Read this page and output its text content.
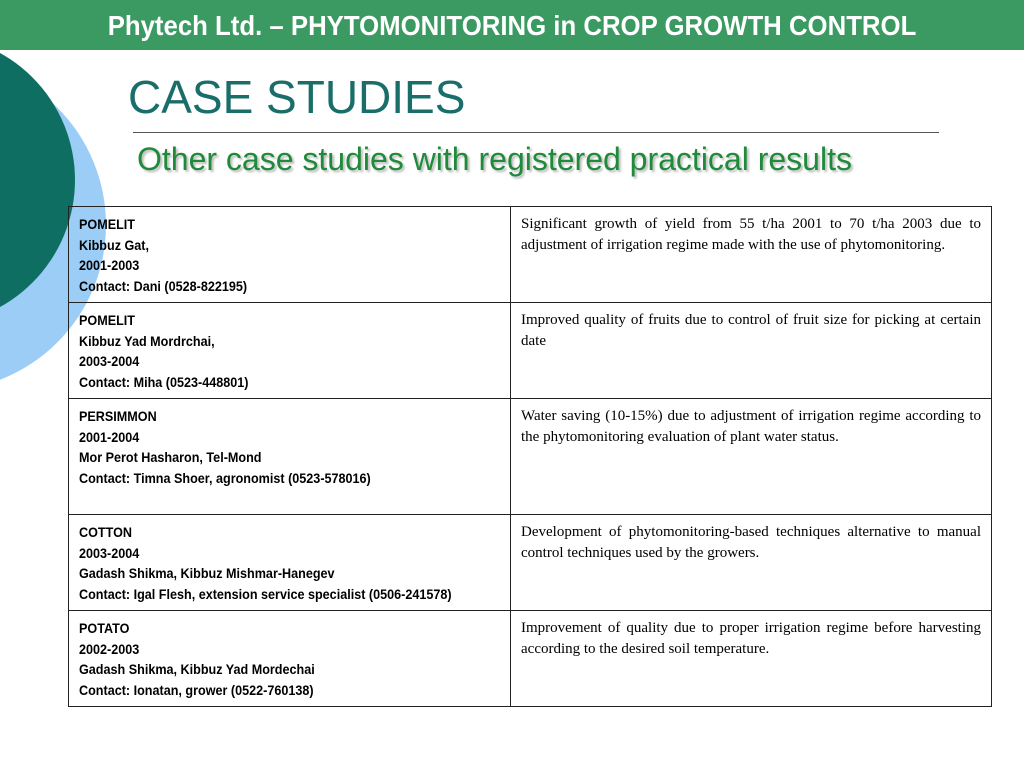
Phytech Ltd. – PHYTOMONITORING in CROP GROWTH CONTROL
CASE STUDIES
Other case studies with registered practical results
POMELIT
Kibbuz Gat,
2001-2003
Contact: Dani (0528-822195)	Significant growth of yield from 55 t/ha 2001 to 70 t/ha 2003 due to adjustment of irrigation regime made with the use of phytomonitoring.

POMELIT
Kibbuz Yad Mordrchai,
2003-2004
Contact: Miha (0523-448801)	Improved quality of fruits due to control of fruit size for picking at certain date

PERSIMMON
2001-2004
Mor Perot Hasharon, Tel-Mond
Contact: Timna Shoer, agronomist (0523-578016)	Water saving (10-15%) due to adjustment of irrigation regime according to the phytomonitoring evaluation of plant water status.

COTTON
2003-2004
Gadash Shikma, Kibbuz Mishmar-Hanegev
Contact: Igal Flesh, extension service specialist (0506-241578)	Development of phytomonitoring-based techniques alternative to manual control techniques used by the growers.

POTATO
2002-2003
Gadash Shikma, Kibbuz Yad Mordechai
Contact: Ionatan, grower (0522-760138)	Improvement of quality due to proper irrigation regime before harvesting according to the desired soil temperature.
